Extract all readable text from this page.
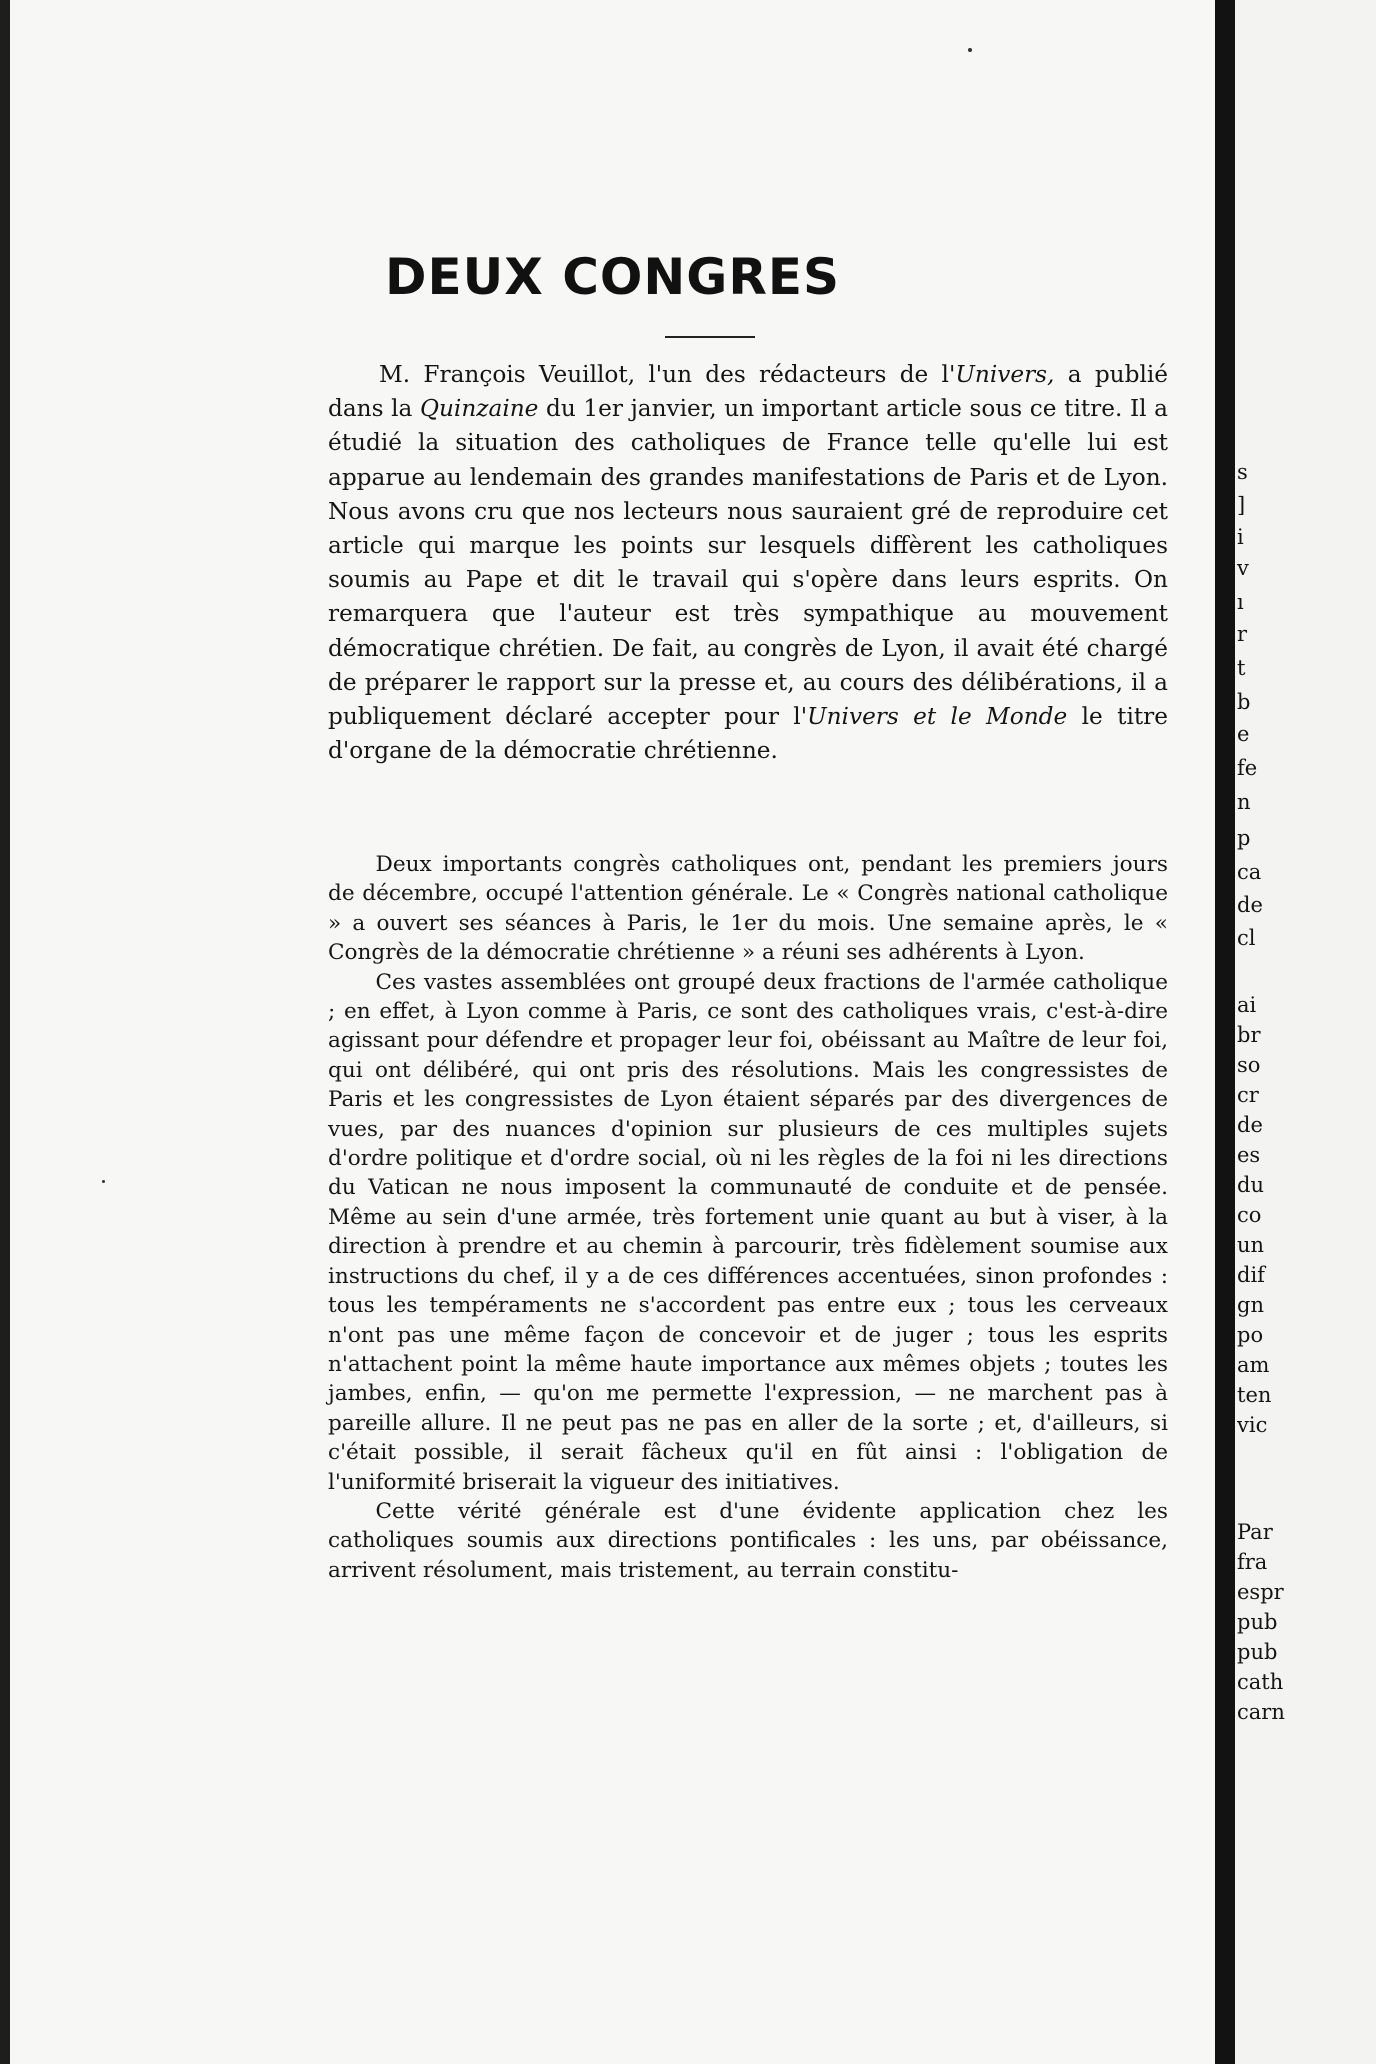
DEUX CONGRES

M. François Veuillot, l'un des rédacteurs de l'Univers, a publié dans la Quinzaine du 1er janvier, un important article sous ce titre. Il a étudié la situation des catholiques de France telle qu'elle lui est apparue au lendemain des grandes manifestations de Paris et de Lyon. Nous avons cru que nos lecteurs nous sauraient gré de reproduire cet article qui marque les points sur lesquels diffèrent les catholiques soumis au Pape et dit le travail qui s'opère dans leurs esprits. On remarquera que l'auteur est très sympathique au mouvement démocratique chrétien. De fait, au congrès de Lyon, il avait été chargé de préparer le rapport sur la presse et, au cours des délibérations, il a publiquement déclaré accepter pour l'Univers et le Monde le titre d'organe de la démocratie chrétienne.

Deux importants congrès catholiques ont, pendant les premiers jours de décembre, occupé l'attention générale. Le « Congrès national catholique » a ouvert ses séances à Paris, le 1er du mois. Une semaine après, le « Congrès de la démocratie chrétienne » a réuni ses adhérents à Lyon.

Ces vastes assemblées ont groupé deux fractions de l'armée catholique ; en effet, à Lyon comme à Paris, ce sont des catholiques vrais, c'est-à-dire agissant pour défendre et propager leur foi, obéissant au Maître de leur foi, qui ont délibéré, qui ont pris des résolutions. Mais les congressistes de Paris et les congressistes de Lyon étaient séparés par des divergences de vues, par des nuances d'opinion sur plusieurs de ces multiples sujets d'ordre politique et d'ordre social, où ni les règles de la foi ni les directions du Vatican ne nous imposent la communauté de conduite et de pensée. Même au sein d'une armée, très fortement unie quant au but à viser, à la direction à prendre et au chemin à parcourir, très fidèlement soumise aux instructions du chef, il y a de ces différences accentuées, sinon profondes : tous les tempéraments ne s'accordent pas entre eux ; tous les cerveaux n'ont pas une même façon de concevoir et de juger ; tous les esprits n'attachent point la même haute importance aux mêmes objets ; toutes les jambes, enfin, — qu'on me permette l'expression, — ne marchent pas à pareille allure. Il ne peut pas ne pas en aller de la sorte ; et, d'ailleurs, si c'était possible, il serait fâcheux qu'il en fût ainsi : l'obligation de l'uniformité briserait la vigueur des initiatives.

Cette vérité générale est d'une évidente application chez les catholiques soumis aux directions pontificales : les uns, par obéissance, arrivent résolument, mais tristement, au terrain constitu-

s
]
i
v
ı
r
t
b
e
fe
n
p
ca
de
cl
ai
br
so
cr
de
es
du
co
un
dif
gn
po
am
ten
vic
Par
fra
espr
pub
pub
cath
carn
